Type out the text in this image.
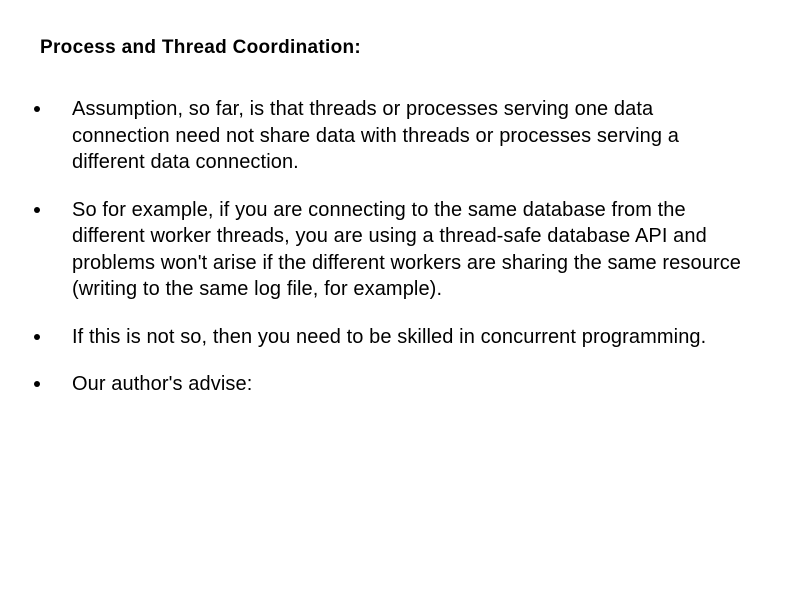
Process and Thread Coordination:
Assumption, so far, is that threads or processes serving one data connection need not share data with threads or processes serving a different data connection.
So for example, if you are connecting to the same database from the different worker threads, you are using a thread-safe database API and problems won't arise if the different workers are sharing the same resource (writing to the same log file, for example).
If this is not so, then you need to be skilled in concurrent programming.
Our author's advise:
